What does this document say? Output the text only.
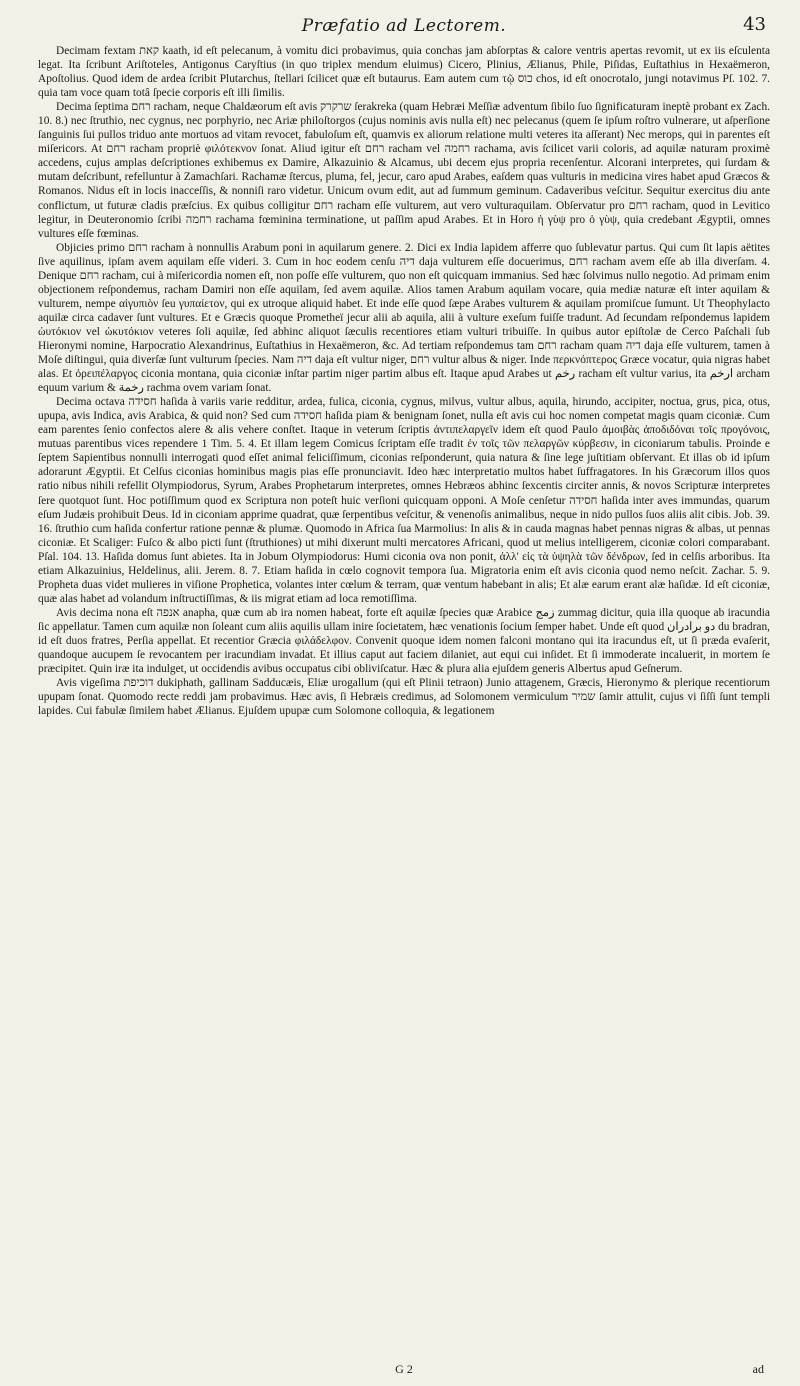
Præfatio ad Lectorem.	43

Decimam fextam קאת kaath, id eſt pelecanum, à vomitu dici probavimus, quia conchas jam abſorptas & calore ventris apertas revomit, ut ex iis eſculenta legat. Ita ſcribunt Ariſtoteles, Antigonus Caryſtius (in quo triplex mendum eluimus) Cicero, Plinius, Ælianus, Phile, Piſidas, Euſtathius in Hexaëmeron, Apoſtolius. Quod idem de ardea ſcribit Plutarchus, ſtellari ſcilicet quæ eſt butaurus. Eam autem cum τῷ כוס chos, id eſt onocrotalo, jungi notavimus Pſ. 102. 7. quia tam voce quam totâ ſpecie corporis eſt illi ſimilis.

Decima ſeptima רחם racham, neque Chaldæorum eſt avis שרקרק ſerakreka (quam Hebræi Meſſiæ adventum ſibilo ſuo ſignificaturam ineptè probant ex Zach. 10. 8.) nec ſtruthio, nec cygnus, nec porphyrio, nec Ariæ philoſtorgos (cujus nominis avis nulla eſt) nec pelecanus (quem ſe ipſum roſtro vulnerare, ut aſperſione ſanguinis ſui pullos triduo ante mortuos ad vitam revocet, fabuloſum eſt, quamvis ex aliorum relatione multi veteres ita aſſerant) Nec merops, qui in parentes eſt miſericors. At רחם racham propriè φιλότεκνον ſonat. Aliud igitur eſt רחם racham vel רחמה rachama, avis ſcilicet varii coloris, ad aquilæ naturam proximè accedens, cujus amplas deſcriptiones exhibemus ex Damire, Alkazuinio & Alcamus, ubi decem ejus propria recenſentur. Alcorani interpretes, qui ſurdam & mutam deſcribunt, refelluntur à Zamachſari. Rachamæ ſtercus, pluma, fel, jecur, caro apud Arabes, eaſdem quas vulturis in medicina vires habet apud Græcos & Romanos. Nidus eſt in locis inacceſſis, & nonniſi raro videtur. Unicum ovum edit, aut ad ſummum geminum. Cadaveribus veſcitur. Sequitur exercitus diu ante conflictum, ut futuræ cladis præſcius. Ex quibus colligitur רחם racham eſſe vulturem, aut vero vulturaquilam. Obſervatur pro רחם racham, quod in Levitico legitur, in Deuteronomio ſcribi רחמה rachama fœminina terminatione, ut paſſim apud Arabes. Et in Horo ἡ γὺψ pro ὁ γὺψ, quia credebant Ægyptii, omnes vultures eſſe fœminas.

Objicies primo רחם racham à nonnullis Arabum poni in aquilarum genere. 2. Dici ex India lapidem afferre quo ſublevatur partus. Qui cum ſit lapis aëtites ſive aquilinus, ipſam avem aquilam eſſe videri. 3. Cum in hoc eodem cenſu דיה daja vulturem eſſe docuerimus, רחם racham avem eſſe ab illa diverſam. 4. Denique רחם racham, cui à miſericordia nomen eſt, non poſſe eſſe vulturem, quo non eſt quicquam immanius. Sed hæc ſolvimus nullo negotio. Ad primam enim objectionem reſpondemus, racham Damiri non eſſe aquilam, ſed avem aquilæ. Alios tamen Arabum aquilam vocare, quia mediæ naturæ eſt inter aquilam & vulturem, nempe αἰγυπιὸν ſeu γυπαίετον, qui ex utroque aliquid habet. Et inde eſſe quod ſæpe Arabes vulturem & aquilam promiſcue ſumunt. Ut Theophylacto aquilæ circa cadaver ſunt vultures. Et e Græcis quoque Prometheï jecur alii ab aquila, alii à vulture exeſum fuiſſe tradunt. Ad ſecundam reſpondemus lapidem ὠυτόκιον vel ὠκυτόκιον veteres ſoli aquilæ, ſed abhinc aliquot ſæculis recentiores etiam vulturi tribuiſſe. In quibus autor epiſtolæ de Cerco Paſchali ſub Hieronymi nomine, Harpocratio Alexandrinus, Euſtathius in Hexaëmeron, &c. Ad tertiam reſpondemus tam רחם racham quam דיה daja eſſe vulturem, tamen à Moſe diſtingui, quia diverſæ ſunt vulturum ſpecies. Nam דיה daja eſt vultur niger, רחם vultur albus & niger. Inde περκνόπτερος Græce vocatur, quia nigras habet alas. Et ὀρειπέλαργος ciconia montana, quia ciconiæ inſtar partim niger partim albus eſt. Itaque apud Arabes ut رخم racham eſt vultur varius, ita ارخم archam equum varium & رخمة rachma ovem variam ſonat.

Decima octava חסידה haſida à variis varie redditur, ardea, fulica, ciconia, cygnus, milvus, vultur albus, aquila, hirundo, accipiter, noctua, grus, pica, otus, upupa, avis Indica, avis Arabica, & quid non? Sed cum חסידה haſida piam & benignam ſonet, nulla eſt avis cui hoc nomen competat magis quam ciconiæ. Cum eam parentes ſenio confectos alere & alis vehere conſtet. Itaque in veterum ſcriptis ἀντιπελαργεῖν idem eſt quod Paulo ἀμοιβὰς ἀποδιδόναι τοῖς προγόνοις, mutuas parentibus vices rependere 1 Tim. 5. 4. Et illam legem Comicus ſcriptam eſſe tradit ἐν τοῖς τῶν πελαργῶν κύρβεσιν, in ciconiarum tabulis. Proinde e ſeptem Sapientibus nonnulli interrogati quod eſſet animal feliciſſimum, ciconias reſponderunt, quia natura & ſine lege juſtitiam obſervant. Et illas ob id ipſum adorarunt Ægyptii. Et Celſus ciconias hominibus magis pias eſſe pronunciavit. Ideo hæc interpretatio multos habet ſuffragatores. In his Græcorum illos quos ratio nibus nihili refellit Olympiodorus, Syrum, Arabes Prophetarum interpretes, omnes Hebræos abhinc ſexcentis circiter annis, & novos Scripturæ interpretes ſere quotquot ſunt. Hoc potiſſimum quod ex Scriptura non poteſt huic verſioni quicquam opponi. A Moſe cenſetur חסידה haſida inter aves immundas, quarum eſum Judæis prohibuit Deus. Id in ciconiam apprime quadrat, quæ ſerpentibus veſcitur, & venenoſis animalibus, neque in nido pullos ſuos aliis alit cibis. Job. 39. 16. ſtruthio cum haſida confertur ratione pennæ & plumæ. Quomodo in Africa ſua Marmolius: In alis & in cauda magnas habet pennas nigras & albas, ut pennas ciconiæ. Et Scaliger: Fuſco & albo picti ſunt (ſtruthiones) ut mihi dixerunt multi mercatores Africani, quod ut melius intelligerem, ciconiæ colori comparabant. Pſal. 104. 13. Haſida domus ſunt abietes. Ita in Jobum Olympiodorus: Humi ciconia ova non ponit, ἀλλ' εἰς τὰ ὑψηλὰ τῶν δένδρων, ſed in celſis arboribus. Ita etiam Alkazuinius, Heldelinus, alii. Jerem. 8. 7. Etiam haſida in cœlo cognovit tempora ſua. Migratoria enim eſt avis ciconia quod nemo neſcit. Zachar. 5. 9. Propheta duas videt mulieres in viſione Prophetica, volantes inter cœlum & terram, quæ ventum habebant in alis; Et alæ earum erant alæ haſidæ. Id eſt ciconiæ, quæ alas habet ad volandum inſtructiſſimas, & iis migrat etiam ad loca remotiſſima.

Avis decima nona eſt אנפה anapha, quæ cum ab ira nomen habeat, forte eſt aquilæ ſpecies quæ Arabice زمج zummag dicitur, quia illa quoque ab iracundia ſic appellatur. Tamen cum aquilæ non ſoleant cum aliis aquilis ullam inire ſocietatem, hæc venationis ſocium ſemper habet. Unde eſt quod دو برادران du bradran, id eſt duos fratres, Perſia appellat. Et recentior Græcia φιλάδελφον. Convenit quoque idem nomen falconi montano qui ita iracundus eſt, ut ſi præda evaſerit, quandoque aucupem ſe revocantem per iracundiam invadat. Et illius caput aut faciem dilaniet, aut equi cui inſidet. Et ſi immoderate incaluerit, in mortem ſe præcipitet. Quin iræ ita indulget, ut occidendis avibus occupatus cibi obliviſcatur. Hæc & plura alia ejuſdem generis Albertus apud Geſnerum.

Avis vigeſima דוכיפת dukiphath, gallinam Sadducæis, Eliæ urogallum (qui eſt Plinii tetraon) Junio attagenem, Græcis, Hieronymo & plerique recentiorum upupam ſonat. Quomodo recte reddi jam probavimus. Hæc avis, ſi Hebræis credimus, ad Solomonem vermiculum שמיר ſamir attulit, cujus vi ſiſſi ſunt templi lapides. Cui fabulæ ſimilem habet Ælianus. Ejuſdem upupæ cum Solomone colloquia, & legationem

G 2	ad
